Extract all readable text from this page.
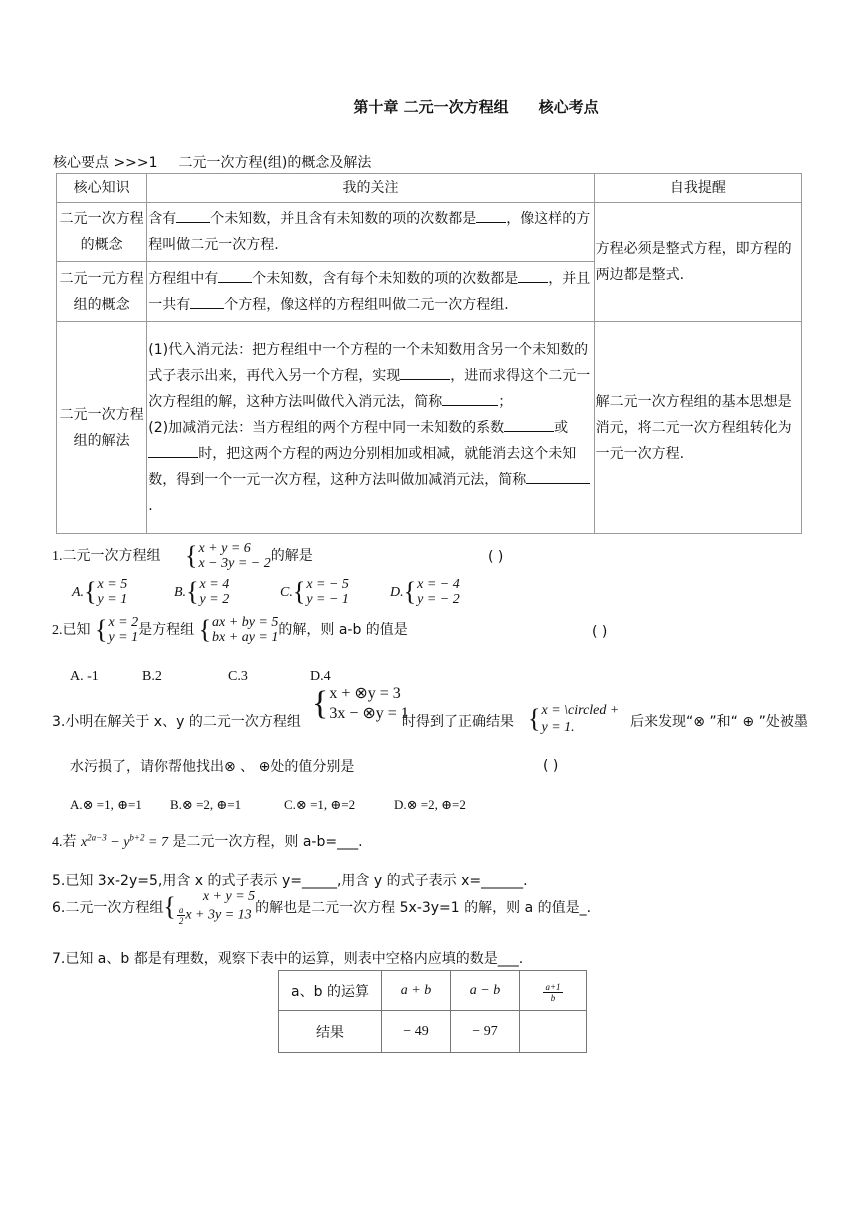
第十章 二元一次方程组 核心考点
核心要点 >>>1 二元一次方程(组)的概念及解法
核心知识	我的关注	自我提醒
二元一次方程的概念	含有 个未知数，并且含有未知数的项的次数都是 ，像这样的方程叫做二元一次方程.	方程必须是整式方程，即方程的两边都是整式.
二元一元方程组的概念	方程组中有 个未知数，含有每个未知数的项的次数都是 ，并且一共有 个方程，像这样的方程组叫做二元一次方程组.	
二元一次方程组的解法	(1)代入消元法：把方程组中一个方程的一个未知数用含另一个未知数的式子表示出来，再代入另一个方程，实现 ，进而求得这个二元一次方程组的解，这种方法叫做代入消元法，简称 ；
(2)加减消元法：当方程组的两个方程中同一未知数的系数 或时，把这两个方程的两边分别相加或相减，就能消去这个未知数，得到一个一元一次方程，这种方法叫做加减消元法，简称.	解二元一次方程组的基本思想是消元，将二元一次方程组转化为一元一次方程.
1.二元一次方程组 { x + y = 6
x − 3y = − 2 的解是	( )
A. { x = 5
y = 1	B. { x = 4
y = 2	C. { x = − 5
y = − 1	D. { x = − 4
y = − 2
2.已知 { x = 2
y = 1 是方程组 { ax + by = 5
bx + ay = 1 的解，则 a-b 的值是	( )
A. -1	B.2	C.3	D.4
3.小明在解关于 x、y 的二元一次方程组 { x + ⊗y = 3
3x − ⊗y = 1
时得到了正确结果 { x = \circled +
y = 1.	后来发现“⊗ ”和“ ⊕ ”处被墨
水污损了，请你帮他找出⊗ 、 ⊕处的值分别是	( )
A.⊗ =1, ⊕=1 B.⊗ =2, ⊕=1	C.⊗ =1, ⊕=2	D.⊗ =2, ⊕=2
4.若 $x^{2a-3} - y^{b+2} = 7$ 是二元一次方程，则 a-b=___.
5.已知 3x-2y=5,用含 x 的式子表示 y=_____,用含 y 的式子表示 x=______.
6.二元一次方程组 {	x + y = 5
$\frac{a}{2}$ x + 3y = 13 的解也是二元一次方程 5x-3y=1 的解，则 a 的值是_.
7.已知 a、b 都是有理数，观察下表中的运算，则表中空格内应填的数是___.
a、b 的运算	a + b	a − b	$\frac{a+1}{b}$

结果	− 49	− 97	
